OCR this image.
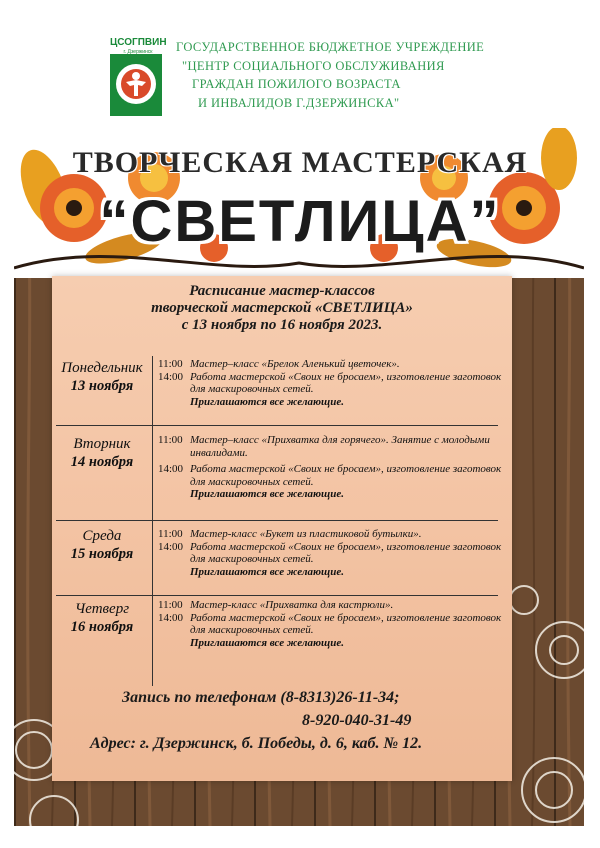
ЦСОГПВИН
г. Дзержинск	ГОСУДАРСТВЕННОЕ БЮДЖЕТНОЕ УЧРЕЖДЕНИЕ
"ЦЕНТР СОЦИАЛЬНОГО ОБСЛУЖИВАНИЯ
ГРАЖДАН ПОЖИЛОГО ВОЗРАСТА
И ИНВАЛИДОВ Г.ДЗЕРЖИНСКА"
ТВОРЧЕСКАЯ МАСТЕРСКАЯ
“СВЕТЛИЦА”
Расписание мастер-классов
творческой мастерской «СВЕТЛИЦА»
с 13 ноября по 16 ноября 2023.
Понедельник
13 ноября
11:00 Мастер–класс «Брелок Аленький цветочек».
14:00 Работа мастерской «Своих не бросаем», изготовление заготовок для маскировочных сетей.
Приглашаются все желающие.
Вторник
14 ноября
11:00 Мастер–класс «Прихватка для горячего». Занятие с молодыми инвалидами.
14:00 Работа мастерской «Своих не бросаем», изготовление заготовок для маскировочных сетей.
Приглашаются все желающие.
Среда
15 ноября
11:00 Мастер-класс «Букет из пластиковой бутылки».
14:00 Работа мастерской «Своих не бросаем», изготовление заготовок для маскировочных сетей.
Приглашаются все желающие.
Четверг
16 ноября
11:00 Мастер-класс «Прихватка для кастрюли».
14:00 Работа мастерской «Своих не бросаем», изготовление заготовок для маскировочных сетей.
Приглашаются все желающие.
Запись по телефонам (8-8313)26-11-34;
8-920-040-31-49
Адрес: г. Дзержинск, б. Победы, д. 6, каб. № 12.
